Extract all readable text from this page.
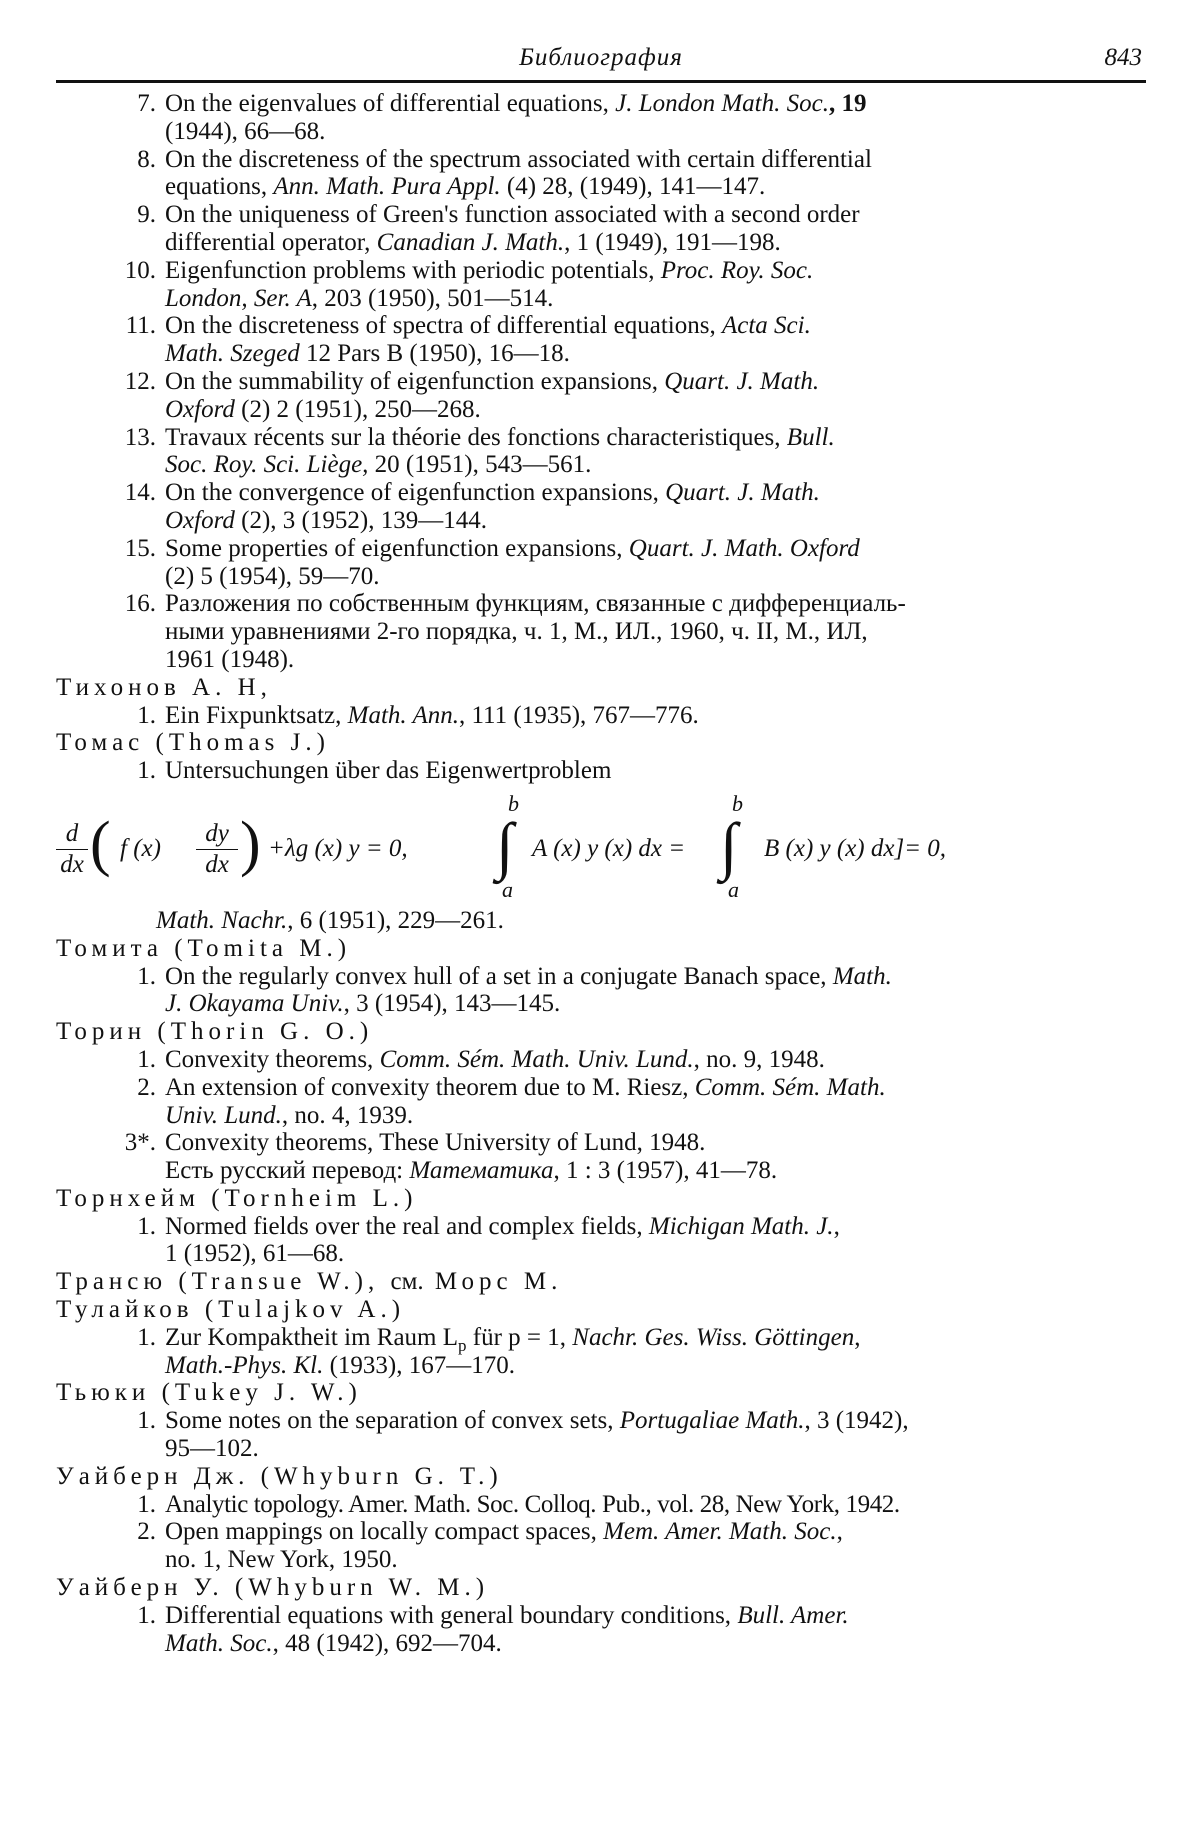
Библиография	843
7. On the eigenvalues of differential equations, J. London Math. Soc., 19
(1944), 66—68.
8. On the discreteness of the spectrum associated with certain differential
equations, Ann. Math. Pura Appl. (4) 28, (1949), 141—147.
9. On the uniqueness of Green's function associated with a second order
differential operator, Canadian J. Math., 1 (1949), 191—198.
10. Eigenfunction problems with periodic potentials, Proc. Roy. Soc.
London, Ser. A, 203 (1950), 501—514.
11. On the discreteness of spectra of differential equations, Acta Sci.
Math. Szeged 12 Pars B (1950), 16—18.
12. On the summability of eigenfunction expansions, Quart. J. Math.
Oxford (2) 2 (1951), 250—268.
13. Travaux récents sur la théorie des fonctions characteristiques, Bull.
Soc. Roy. Sci. Liège, 20 (1951), 543—561.
14. On the convergence of eigenfunction expansions, Quart. J. Math.
Oxford (2), 3 (1952), 139—144.
15. Some properties of eigenfunction expansions, Quart. J. Math. Oxford
(2) 5 (1954), 59—70.
16. Разложения по собственным функциям, связанные с дифференциаль-
ными уравнениями 2-го порядка, ч. 1, М., ИЛ., 1960, ч. II, М., ИЛ,
1961 (1948).
Тихонов А. Н,
1. Ein Fixpunktsatz, Math. Ann., 111 (1935), 767—776.
Томас (Thomas J.)
1. Untersuchungen über das Eigenwertproblem
d
dx ( f (x)
dy
dx ) +λg (x) y = 0,
b
∫
a
A (x) y (x) dx =
b
∫
a
B (x) y (x) dx]= 0,
Math. Nachr., 6 (1951), 229—261.
Томита (Tomita M.)
1. On the regularly convex hull of a set in a conjugate Banach space, Math.
J. Okayama Univ., 3 (1954), 143—145.
Торин (Thorin G. O.)
1. Convexity theorems, Comm. Sém. Math. Univ. Lund., no. 9, 1948.
2. An extension of convexity theorem due to M. Riesz, Comm. Sém. Math.
Univ. Lund., no. 4, 1939.
3*. Convexity theorems, These University of Lund, 1948.
Есть русский перевод: Математика, 1 : 3 (1957), 41—78.
Торнхейм (Tornheim L.)
1. Normed fields over the real and complex fields, Michigan Math. J.,
1 (1952), 61—68.
Трансю (Transue W.), см. Морс М.
Тулайков (Tulajkov A.)
1. Zur Kompaktheit im Raum $L_p$ für p = 1, Nachr. Ges. Wiss. Göttingen,
Math.-Phys. Kl. (1933), 167—170.
Тьюки (Tukey J. W.)
1. Some notes on the separation of convex sets, Portugaliae Math., 3 (1942),
95—102.
Уайберн Дж. (Whyburn G. T.)
1. Analytic topology. Amer. Math. Soc. Colloq. Pub., vol. 28, New York, 1942.
2. Open mappings on locally compact spaces, Mem. Amer. Math. Soc.,
no. 1, New York, 1950.
Уайберн У. (Whyburn W. M.)
1. Differential equations with general boundary conditions, Bull. Amer.
Math. Soc., 48 (1942), 692—704.
